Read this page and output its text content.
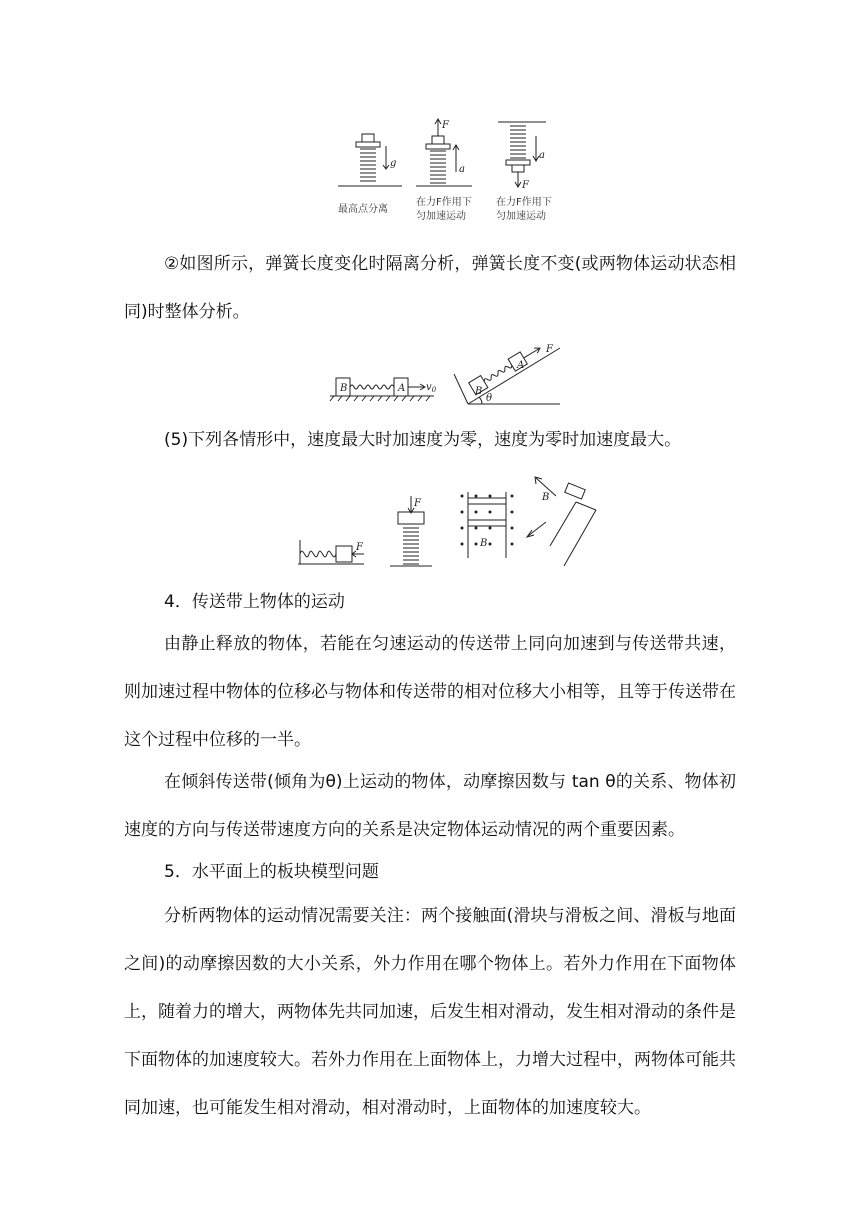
g
最高点分离
F
a
在力F作用下
匀加速运动
a
F
在力F作用下
匀加速运动

②如图所示，弹簧长度变化时隔离分析，弹簧长度不变(或两物体运动状态相同)时整体分析。

B	A $v_0$	B
A
F
θ

(5)下列各情形中，速度最大时加速度为零，速度为零时加速度最大。

F
F
B
B

4．传送带上物体的运动

由静止释放的物体，若能在匀速运动的传送带上同向加速到与传送带共速，则加速过程中物体的位移必与物体和传送带的相对位移大小相等，且等于传送带在这个过程中位移的一半。

在倾斜传送带(倾角为θ)上运动的物体，动摩擦因数与 tan θ的关系、物体初速度的方向与传送带速度方向的关系是决定物体运动情况的两个重要因素。

5．水平面上的板块模型问题

分析两物体的运动情况需要关注：两个接触面(滑块与滑板之间、滑板与地面之间)的动摩擦因数的大小关系，外力作用在哪个物体上。若外力作用在下面物体上，随着力的增大，两物体先共同加速，后发生相对滑动，发生相对滑动的条件是下面物体的加速度较大。若外力作用在上面物体上，力增大过程中，两物体可能共同加速，也可能发生相对滑动，相对滑动时，上面物体的加速度较大。
